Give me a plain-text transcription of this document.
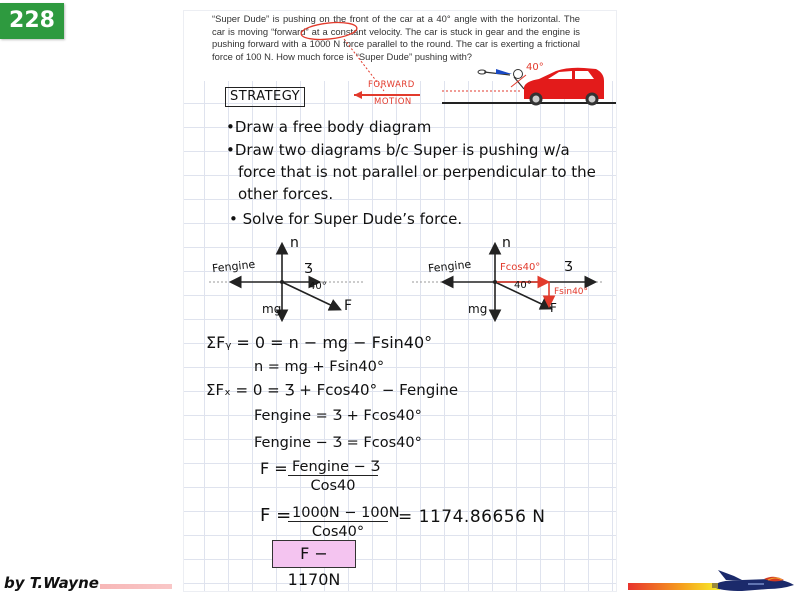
228	“Super Dude” is pushing on the front of the car at a 40° angle with the horizontal. The car is moving “forward” at a constant velocity. The car is stuck in gear and the engine is pushing forward with a 1000 N force parallel to the round. The car is exerting a frictional force of 100 N. How much force is “Super Dude” pushing with?

40°
FORWARD
MOTION
STRATEGY
•Draw a free body diagram
•Draw two diagrams b/c Super is pushing w/a
force that is not parallel or perpendicular to the
other forces.
• Solve for Super Dude’s force.
n
Fengine	Ʒ
40°
mg	F
n
Fengine	Fcos40° Ʒ
40°
Fsin40°
mg	F
ΣFᵧ = 0 = n − mg − Fsin40°
n = mg + Fsin40°
ΣFₓ = 0 = Ʒ + Fcos40° − Fengine
Fengine = Ʒ + Fcos40°
Fengine − Ʒ = Fcos40°
F = Fengine − Ʒ
Cos40
F = 1000N − 100N
Cos40°
= 1174.86656 N
F − 1170N
by T.Wayne
